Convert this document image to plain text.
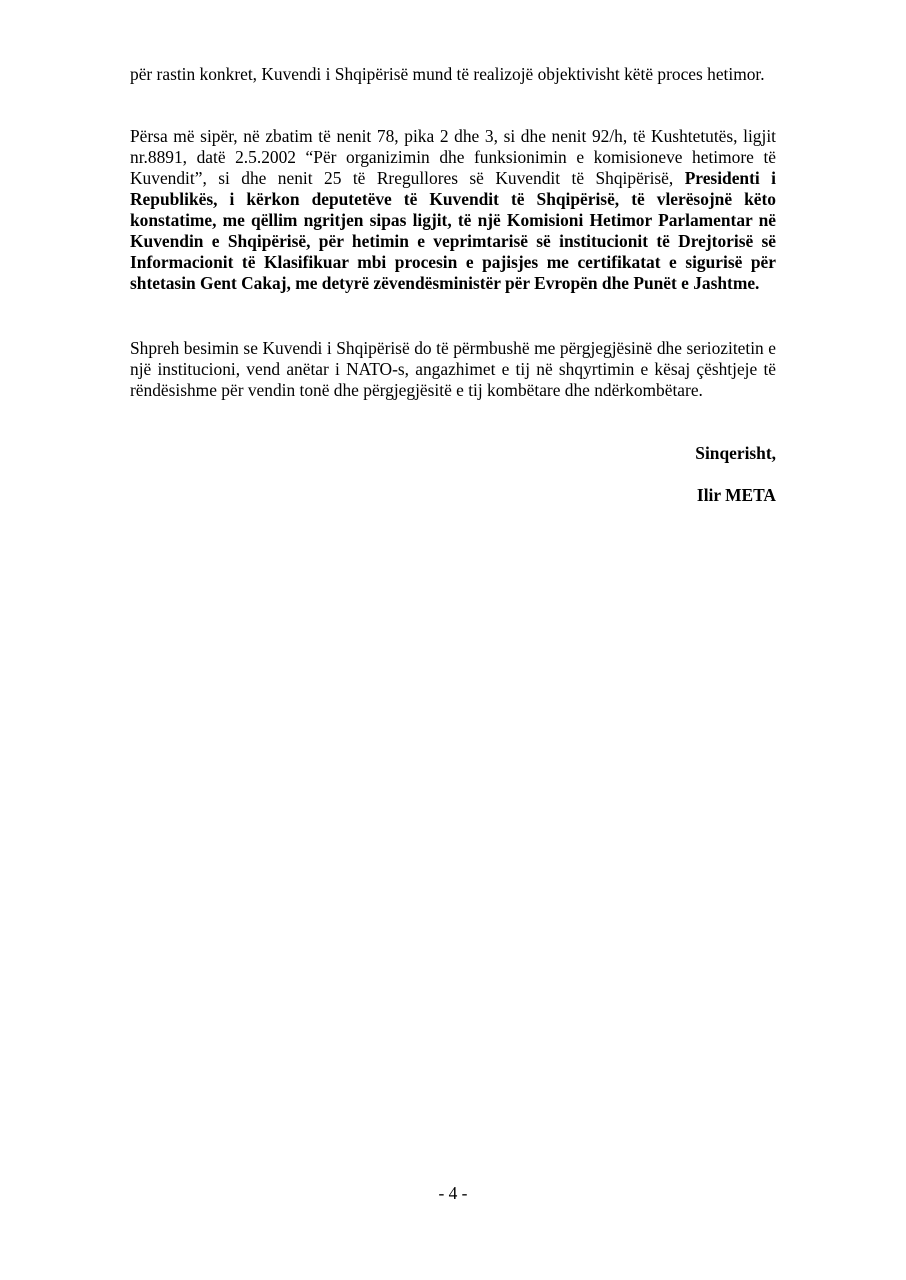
për rastin konkret, Kuvendi i Shqipërisë mund të realizojë objektivisht këtë proces hetimor.

Përsa më sipër, në zbatim të nenit 78, pika 2 dhe 3, si dhe nenit 92/h, të Kushtetutës, ligjit nr.8891, datë 2.5.2002 “Për organizimin dhe funksionimin e komisioneve hetimore të Kuvendit”, si dhe nenit 25 të Rregullores së Kuvendit të Shqipërisë, Presidenti i Republikës, i kërkon deputetëve të Kuvendit të Shqipërisë, të vlerësojnë këto konstatime, me qëllim ngritjen sipas ligjit, të një Komisioni Hetimor Parlamentar në Kuvendin e Shqipërisë, për hetimin e veprimtarisë së institucionit të Drejtorisë së Informacionit të Klasifikuar mbi procesin e pajisjes me certifikatat e sigurisë për shtetasin Gent Cakaj, me detyrë zëvendësministër për Evropën dhe Punët e Jashtme.

Shpreh besimin se Kuvendi i Shqipërisë do të përmbushë me përgjegjësinë dhe seriozitetin e një institucioni, vend anëtar i NATO-s, angazhimet e tij në shqyrtimin e kësaj çështjeje të rëndësishme për vendin tonë dhe përgjegjësitë e tij kombëtare dhe ndërkombëtare.

Sinqerisht,

Ilir META

- 4 -
